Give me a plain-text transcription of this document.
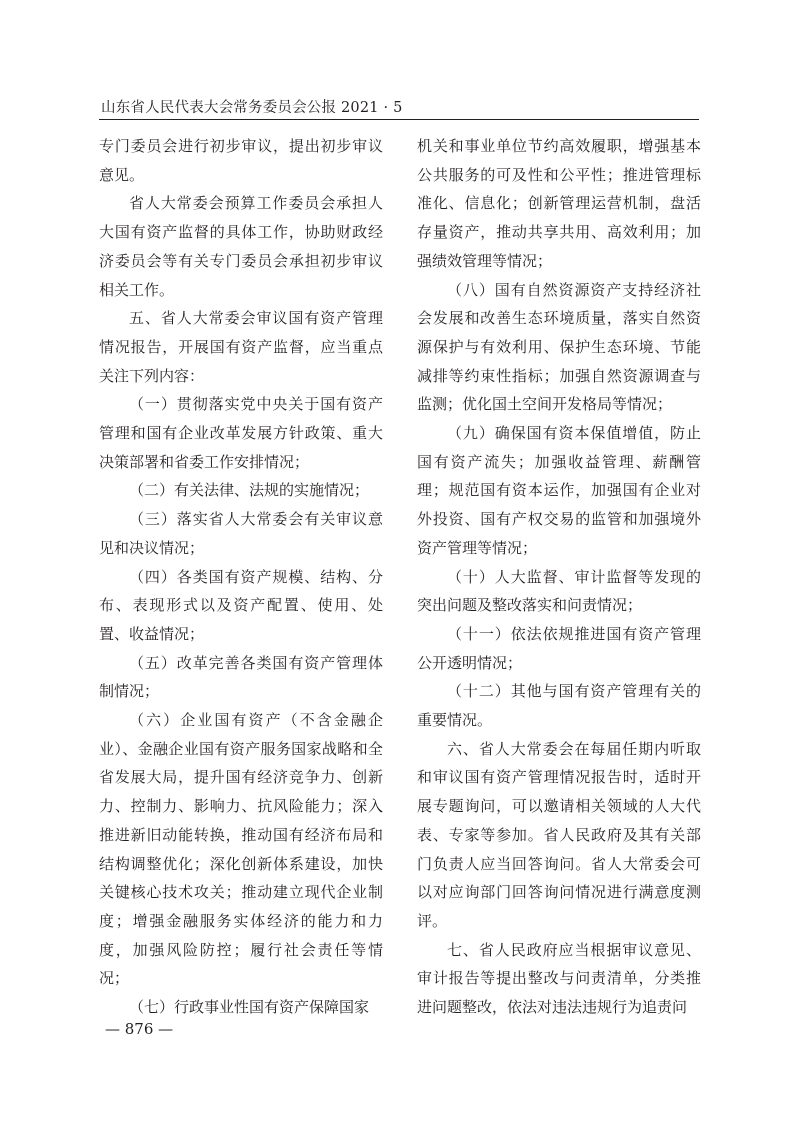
山东省人民代表大会常务委员会公报 2021 · 5

专门委员会进行初步审议，提出初步审议意见。

省人大常委会预算工作委员会承担人大国有资产监督的具体工作，协助财政经济委员会等有关专门委员会承担初步审议相关工作。

五、省人大常委会审议国有资产管理情况报告，开展国有资产监督，应当重点关注下列内容：

（一）贯彻落实党中央关于国有资产管理和国有企业改革发展方针政策、重大决策部署和省委工作安排情况；

（二）有关法律、法规的实施情况；

（三）落实省人大常委会有关审议意见和决议情况；

（四）各类国有资产规模、结构、分布、表现形式以及资产配置、使用、处置、收益情况；

（五）改革完善各类国有资产管理体制情况；

（六）企业国有资产（不含金融企业）、金融企业国有资产服务国家战略和全省发展大局，提升国有经济竞争力、创新力、控制力、影响力、抗风险能力；深入推进新旧动能转换，推动国有经济布局和结构调整优化；深化创新体系建设，加快关键核心技术攻关；推动建立现代企业制度；增强金融服务实体经济的能力和力度，加强风险防控；履行社会责任等情况；

（七）行政事业性国有资产保障国家

机关和事业单位节约高效履职，增强基本公共服务的可及性和公平性；推进管理标准化、信息化；创新管理运营机制，盘活存量资产，推动共享共用、高效利用；加强绩效管理等情况；

（八）国有自然资源资产支持经济社会发展和改善生态环境质量，落实自然资源保护与有效利用、保护生态环境、节能减排等约束性指标；加强自然资源调查与监测；优化国土空间开发格局等情况；

（九）确保国有资本保值增值，防止国有资产流失；加强收益管理、薪酬管理；规范国有资本运作，加强国有企业对外投资、国有产权交易的监管和加强境外资产管理等情况；

（十）人大监督、审计监督等发现的突出问题及整改落实和问责情况；

（十一）依法依规推进国有资产管理公开透明情况；

（十二）其他与国有资产管理有关的重要情况。

六、省人大常委会在每届任期内听取和审议国有资产管理情况报告时，适时开展专题询问，可以邀请相关领域的人大代表、专家等参加。省人民政府及其有关部门负责人应当回答询问。省人大常委会可以对应询部门回答询问情况进行满意度测评。

七、省人民政府应当根据审议意见、审计报告等提出整改与问责清单，分类推进问题整改，依法对违法违规行为追责问

— 876 —
